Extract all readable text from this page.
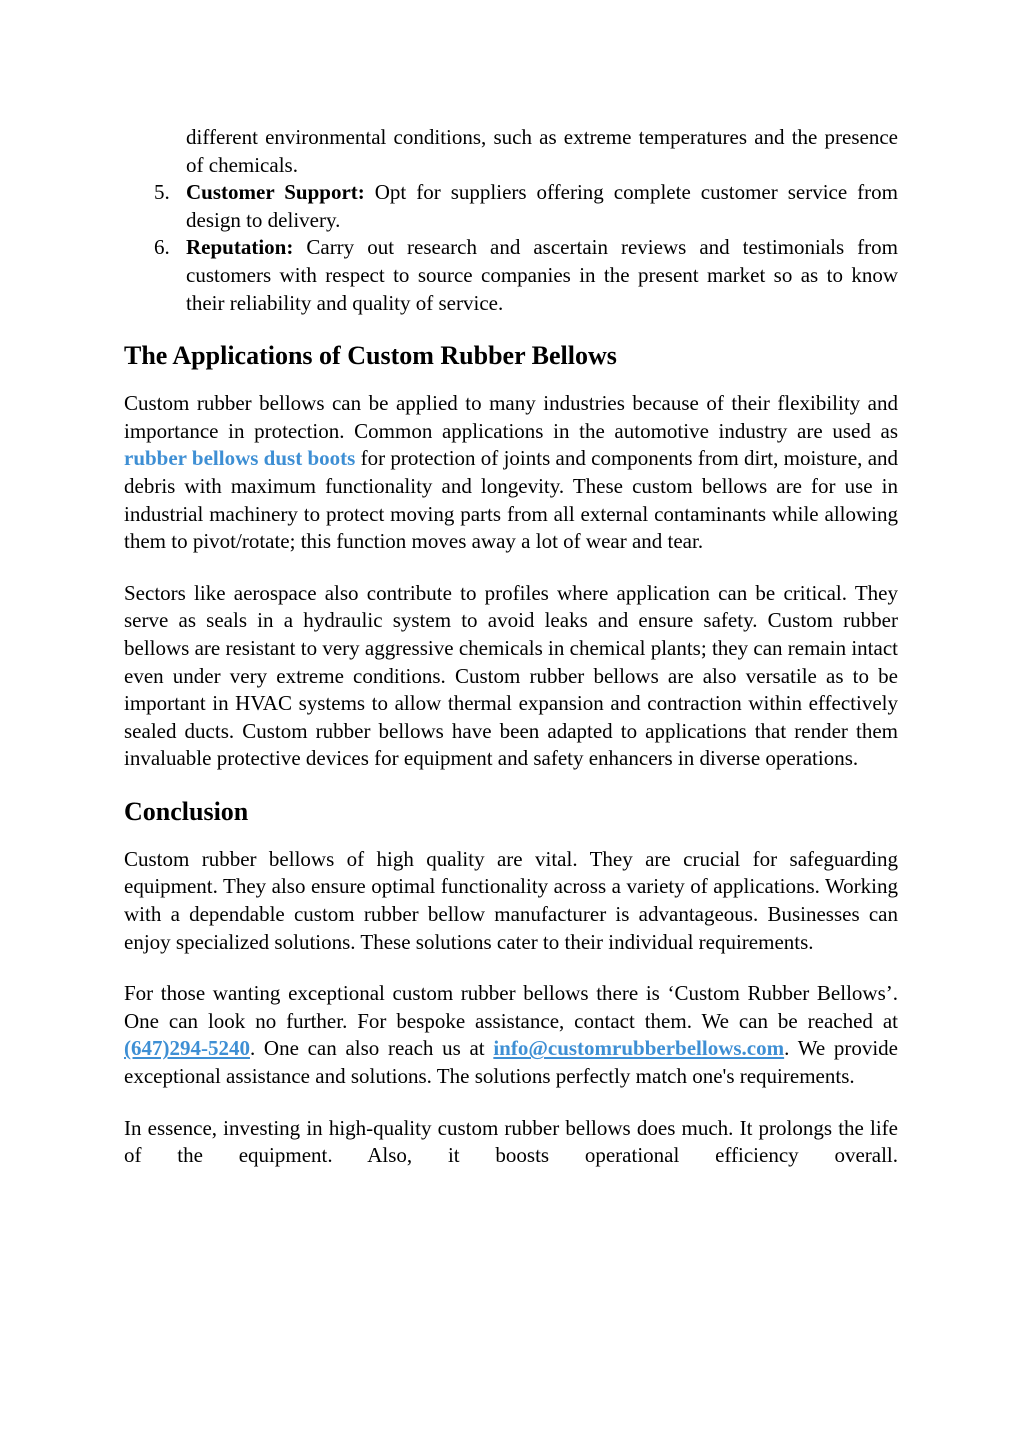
different environmental conditions, such as extreme temperatures and the presence of chemicals.
5. Customer Support: Opt for suppliers offering complete customer service from design to delivery.
6. Reputation: Carry out research and ascertain reviews and testimonials from customers with respect to source companies in the present market so as to know their reliability and quality of service.
The Applications of Custom Rubber Bellows

Custom rubber bellows can be applied to many industries because of their flexibility and importance in protection. Common applications in the automotive industry are used as rubber bellows dust boots for protection of joints and components from dirt, moisture, and debris with maximum functionality and longevity. These custom bellows are for use in industrial machinery to protect moving parts from all external contaminants while allowing them to pivot/rotate; this function moves away a lot of wear and tear.

Sectors like aerospace also contribute to profiles where application can be critical. They serve as seals in a hydraulic system to avoid leaks and ensure safety. Custom rubber bellows are resistant to very aggressive chemicals in chemical plants; they can remain intact even under very extreme conditions. Custom rubber bellows are also versatile as to be important in HVAC systems to allow thermal expansion and contraction within effectively sealed ducts. Custom rubber bellows have been adapted to applications that render them invaluable protective devices for equipment and safety enhancers in diverse operations.

Conclusion

Custom rubber bellows of high quality are vital. They are crucial for safeguarding equipment. They also ensure optimal functionality across a variety of applications. Working with a dependable custom rubber bellow manufacturer is advantageous. Businesses can enjoy specialized solutions. These solutions cater to their individual requirements.

For those wanting exceptional custom rubber bellows there is ‘Custom Rubber Bellows’. One can look no further. For bespoke assistance, contact them. We can be reached at (647)294-5240. One can also reach us at info@customrubberbellows.com. We provide exceptional assistance and solutions. The solutions perfectly match one's requirements.

In essence, investing in high-quality custom rubber bellows does much. It prolongs the life of the equipment. Also, it boosts operational efficiency overall.
